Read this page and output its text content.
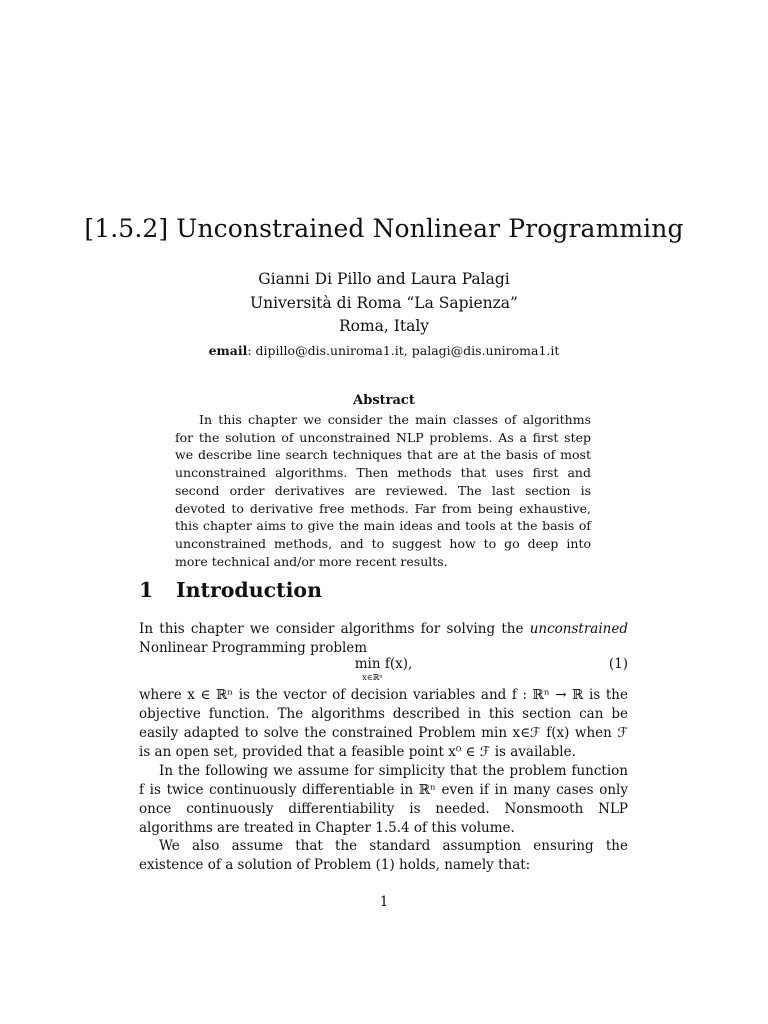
[1.5.2] Unconstrained Nonlinear Programming

Gianni Di Pillo and Laura Palagi

Università di Roma “La Sapienza”

Roma, Italy

email: dipillo@dis.uniroma1.it, palagi@dis.uniroma1.it

Abstract

In this chapter we consider the main classes of algorithms for the solution of unconstrained NLP problems. As a first step we describe line search techniques that are at the basis of most unconstrained algorithms. Then methods that uses first and second order derivatives are reviewed. The last section is devoted to derivative free methods. Far from being exhaustive, this chapter aims to give the main ideas and tools at the basis of unconstrained methods, and to suggest how to go deep into more technical and/or more recent results.

1 Introduction

In this chapter we consider algorithms for solving the unconstrained Nonlinear Programming problem

min f(x),
x∈ℝⁿ
(1)

where x ∈ ℝⁿ is the vector of decision variables and f : ℝⁿ → ℝ is the objective function. The algorithms described in this section can be easily adapted to solve the constrained Problem min x∈ℱ f(x) when ℱ is an open set, provided that a feasible point x⁰ ∈ ℱ is available.

In the following we assume for simplicity that the problem function f is twice continuously differentiable in ℝⁿ even if in many cases only once continuously differentiability is needed. Nonsmooth NLP algorithms are treated in Chapter 1.5.4 of this volume.

We also assume that the standard assumption ensuring the existence of a solution of Problem (1) holds, namely that:

1
